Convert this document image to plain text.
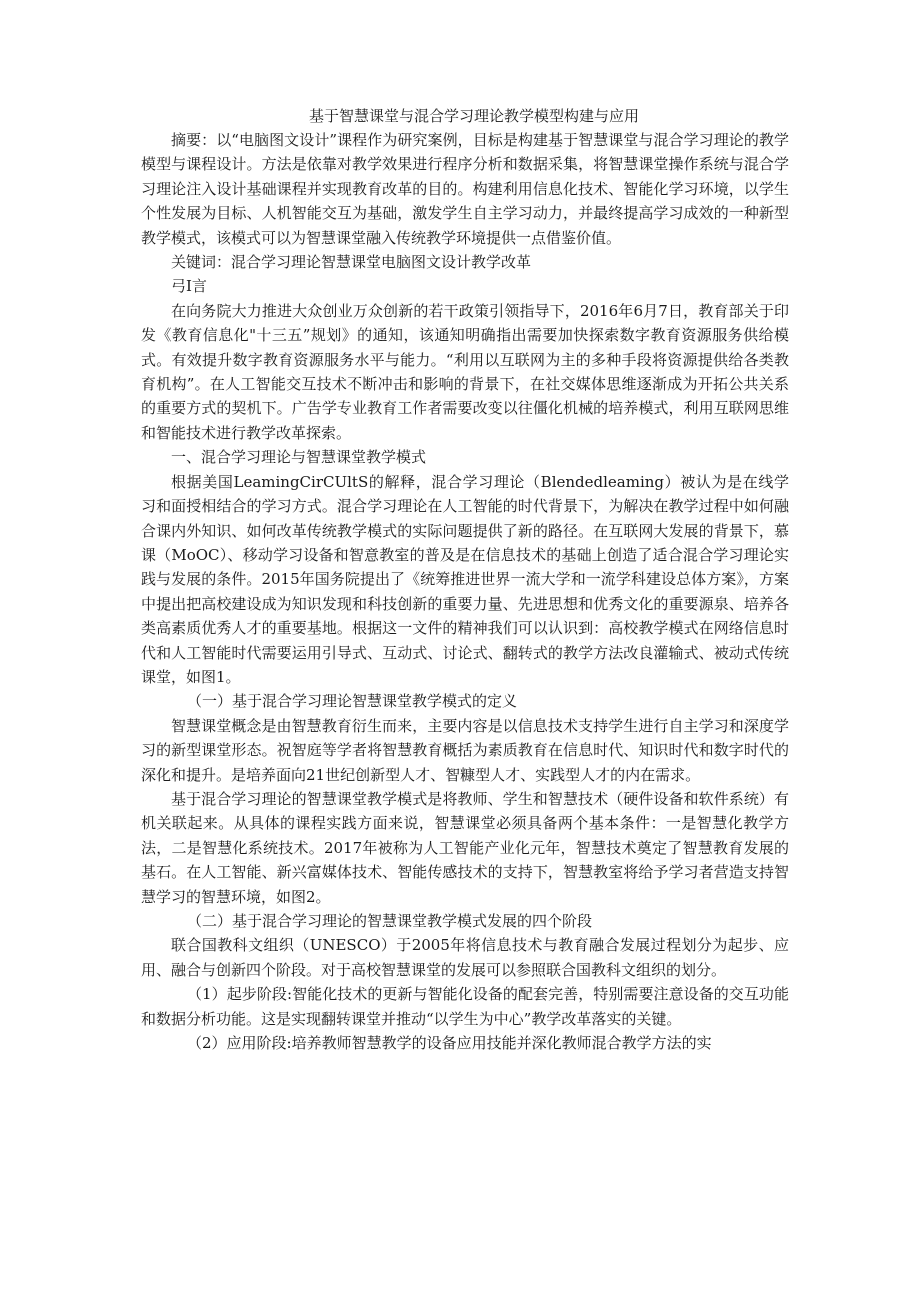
基于智慧课堂与混合学习理论教学模型构建与应用

摘要：以“电脑图文设计”课程作为研究案例，目标是构建基于智慧课堂与混合学习理论的教学模型与课程设计。方法是依靠对教学效果进行程序分析和数据采集，将智慧课堂操作系统与混合学习理论注入设计基础课程并实现教育改革的目的。构建利用信息化技术、智能化学习环境，以学生个性发展为目标、人机智能交互为基础，激发学生自主学习动力，并最终提高学习成效的一种新型教学模式，该模式可以为智慧课堂融入传统教学环境提供一点借鉴价值。

关键词：混合学习理论智慧课堂电脑图文设计教学改革

弓I言

在向务院大力推进大众创业万众创新的若干政策引领指导下，2016年6月7日，教育部关于印发《教育信息化"十三五”规划》的通知，该通知明确指出需要加快探索数字教育资源服务供给模式。有效提升数字教育资源服务水平与能力。“利用以互联网为主的多种手段将资源提供给各类教育机构”。在人工智能交互技术不断冲击和影响的背景下，在社交媒体思维逐渐成为开拓公共关系的重要方式的契机下。广告学专业教育工作者需要改变以往僵化机械的培养模式，利用互联网思维和智能技术进行教学改革探索。

一、混合学习理论与智慧课堂教学模式

根据美国LeamingCirCUltS的解释，混合学习理论（Blendedleaming）被认为是在线学习和面授相结合的学习方式。混合学习理论在人工智能的时代背景下，为解决在教学过程中如何融合课内外知识、如何改革传统教学模式的实际问题提供了新的路径。在互联网大发展的背景下，慕课（MoOC）、移动学习设备和智意教室的普及是在信息技术的基础上创造了适合混合学习理论实践与发展的条件。2015年国务院提出了《统筹推进世界一流大学和一流学科建设总体方案》，方案中提出把高校建设成为知识发现和科技创新的重要力量、先进思想和优秀文化的重要源泉、培养各类高素质优秀人才的重要基地。根据这一文件的精神我们可以认识到：高校教学模式在网络信息时代和人工智能时代需要运用引导式、互动式、讨论式、翻转式的教学方法改良灌输式、被动式传统课堂，如图1。

（一）基于混合学习理论智慧课堂教学模式的定义

智慧课堂概念是由智慧教育衍生而来，主要内容是以信息技术支持学生进行自主学习和深度学习的新型课堂形态。祝智庭等学者将智慧教育概括为素质教育在信息时代、知识时代和数字时代的深化和提升。是培养面向21世纪创新型人才、智糠型人才、实践型人才的内在需求。

基于混合学习理论的智慧课堂教学模式是将教师、学生和智慧技术（硬件设备和软件系统）有机关联起来。从具体的课程实践方面来说，智慧课堂必须具备两个基本条件：一是智慧化教学方法，二是智慧化系统技术。2017年被称为人工智能产业化元年，智慧技术奠定了智慧教育发展的基石。在人工智能、新兴富媒体技术、智能传感技术的支持下，智慧教室将给予学习者营造支持智慧学习的智慧环境，如图2。

（二）基于混合学习理论的智慧课堂教学模式发展的四个阶段

联合国教科文组织（UNESCO）于2005年将信息技术与教育融合发展过程划分为起步、应用、融合与创新四个阶段。对于高校智慧课堂的发展可以参照联合国教科文组织的划分。

（1）起步阶段:智能化技术的更新与智能化设备的配套完善，特别需要注意设备的交互功能和数据分析功能。这是实现翻转课堂并推动“以学生为中心”教学改革落实的关键。

（2）应用阶段:培养教师智慧教学的设备应用技能并深化教师混合教学方法的实
